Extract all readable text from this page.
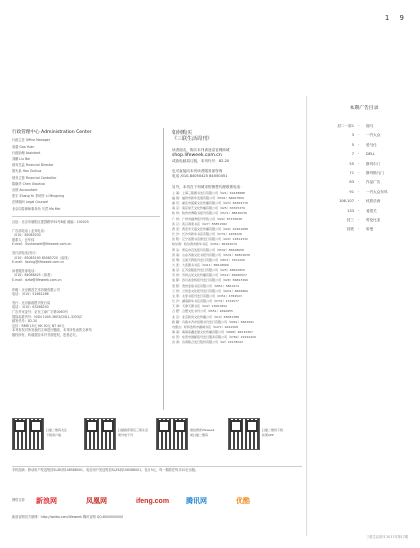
1 9
行政管理中心 Administration Center
行政主任 Office Manager
高超 Gao Yuan
行政助理 Assistant
刘鹏 Liu Bei
财务总监 Financial Director
胡允泉 Hon Guihua
财务主管 Financial Controller
陈晓华 Chen Xiaohua
出纳 Accountant
张宇 Zhang Yu 李明开 Li Mingning
法律顾问 Legal Counsel
北京同泰律师事务所 马君 Ma Mei
社址：北京市朝阳区建国路甲92号B座 邮编：100025
广告部电话 / 业务电话：
（010）85085200
联系人：汪华伟
E-mail：Sushanwei@lifeweek.com.cn
发行部电话/发行：
（010）85085190 85085720（直线）
E-mail：faxing@lifeweek.com.cn
读者服务部电话：
（010）84066425（读者）
E-mail：dzfw@lifeweek.com.cn
印刷：北京雅昌艺术印刷有限公司
电话：（010）51661286
发行：北京邮政报刊发行局
电话：（010）63266250
广告许可证号：京东工商广字第0063号
国际标准刊号：ISSN 1005-3603/CN11-3253/C
邮发代号：82-20
定价：RMB 15元 HK 30元 NT 40元
本刊有权对所发表的文章进行删改，本刊所发表的文章均
版权所有，转载需经本刊书面授权，违者必究。
如何购买
《三联生活周刊》
读者朋友，购买本刊请登录官网商城
shop.lifeweek.com.cn
或致电邮局订阅，本刊代号：82-20
也可直接向本刊读者服务部咨询
电话 /010-84050425 84050451
另外，本刊在下列城市的销售代理联系电话：
上 海：上海三联图书发行有限公司（021）62438888
福 建：福州市新华发展有限公司（0591）84667899
重 庆：重庆市富保文化传播有限公司（023）86359776
南 京：南京常艺文化传播有限公司（025）83325379
杭 州：杭州市博联书报刊有限公司（0571）88836236
广 州：广州市越秀报刊零售公司（020）87376638
武 汉：武汉鸿泰书店（027）85851582
西 安：西安市天盛文化传播有限公司（029）62261688
长 沙：长沙市新华书店有限公司（0731）4458226
沈 阳：辽宁省图书音像发行有限公司（024）22814332
哈尔滨：哈尔滨市新华书店（0451）86183079
青 岛：青岛市百发报刊有限公司（0532）85848658
济 南：山东齐鲁文化书报刊有限公司（0531）82803638
昆 明：云南天辉报刊发行有限公司（0871）3152206
大 连：大连图书书店（0411）86618666
南 京：江苏金陵报刊发行有限公司（025）88620850
苏 州：苏州古吴文化传播有限公司（0512）65680527
成 都：四川省金桥报刊发行有限公司（028）86823369
贵 阳：贵州金星书店有限公司（0851）5861974
兰 州：兰州金文化报刊发行有限公司（0931）8826869
太 原：太原书报刊发行有限公司（0351）4789523
长 沙：湖南新华书店有限公司（0731）4744577
天 津：天津天图书店（022）23001894
合 肥：合肥文化书刊公司（0551）2690855
北 京：北京新风文化传播公司（010）65081388
新 疆：乌鲁木齐市恒翔书刊发行有限公司（0991）5862991
内蒙古：呼和浩特市鹿城书店（0471）6261568
海 南：海南荣鑫发展文化传播有限公司（0898）66234367
东 莞：东莞市国邮报刊发行服务有限公司（0769）22292426
台 湾：台湾联合发行股份有限公司（02）29178022
扫描二维码关注
下载客户端
扫描推荐商店三联生活
周刊电子刊
微信搜索lifeweek
或扫描二维码
扫描二维码下载
松果APP
手机阅读：移动用户发送短信SLZK到106588001，电信用户发送短信SLZK到106588001，包月5元，每一期将在每月20日出版。
网络支持 新浪网	凤凰网	ifeng.com 腾讯网	优酷
新浪官网官方微博：http://weibo.com/lifeweek 腾讯官网 QQ:8000000000
本期广告目录
封二－扉1 · 瑞马
3 · 一汽大众
5 · 爱马仕
7 · DELL
55 · 斯玛尔门
71 · 斯玛斯凡门
83 · 作品广告
91 · 一汽大众东风
106-107 · 枕旅乐西
133 · 斐普关
封三 · 哥伦比亚
封底 · 哈曼
三联生活周刊 2017年第17期
